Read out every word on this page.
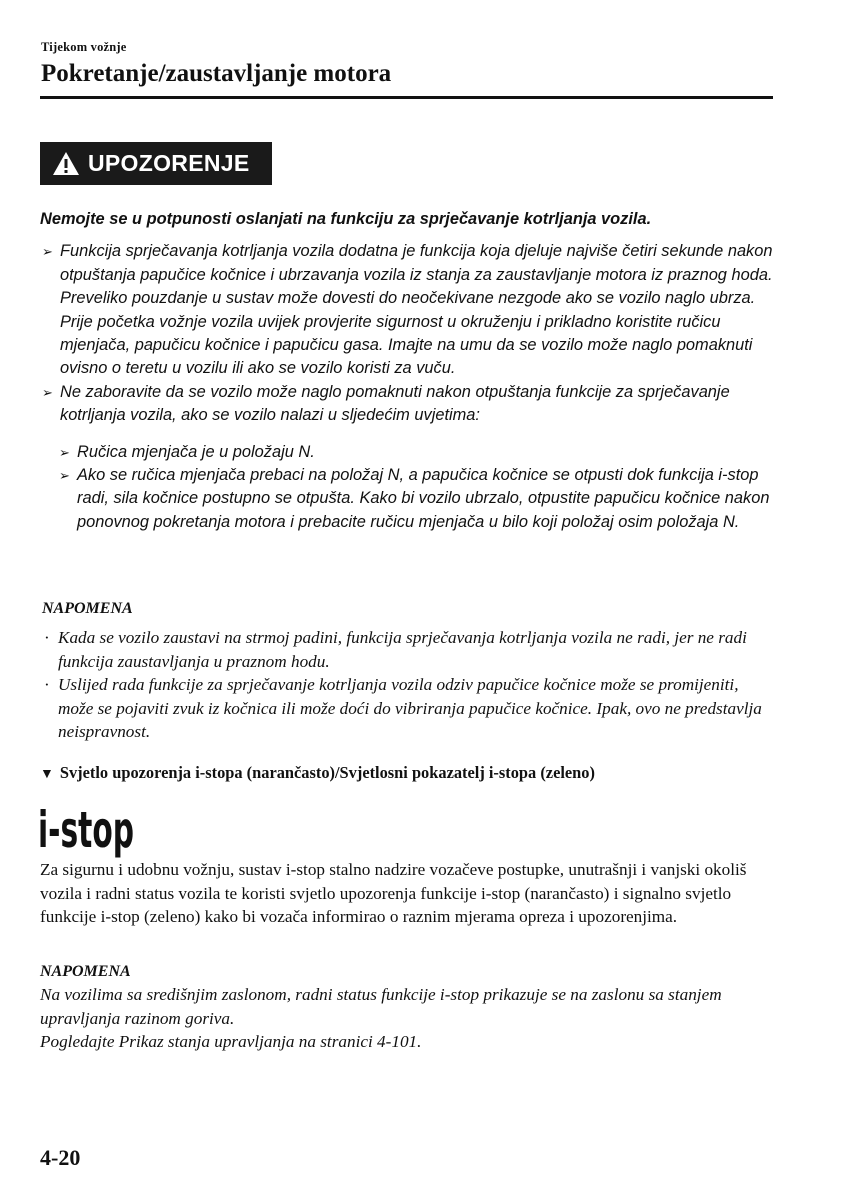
Tijekom vožnje
Pokretanje/zaustavljanje motora
UPOZORENJE
Nemojte se u potpunosti oslanjati na funkciju za sprječavanje kotrljanja vozila.
➢ Funkcija sprječavanja kotrljanja vozila dodatna je funkcija koja djeluje najviše četiri sekunde nakon otpuštanja papučice kočnice i ubrzavanja vozila iz stanja za zaustavljanje motora iz praznog hoda. Preveliko pouzdanje u sustav može dovesti do neočekivane nezgode ako se vozilo naglo ubrza. Prije početka vožnje vozila uvijek provjerite sigurnost u okruženju i prikladno koristite ručicu mjenjača, papučicu kočnice i papučicu gasa. Imajte na umu da se vozilo može naglo pomaknuti ovisno o teretu u vozilu ili ako se vozilo koristi za vuču.
➢ Ne zaboravite da se vozilo može naglo pomaknuti nakon otpuštanja funkcije za sprječavanje kotrljanja vozila, ako se vozilo nalazi u sljedećim uvjetima:
➢ Ručica mjenjača je u položaju N.
➢ Ako se ručica mjenjača prebaci na položaj N, a papučica kočnice se otpusti dok funkcija i-stop radi, sila kočnice postupno se otpušta. Kako bi vozilo ubrzalo, otpustite papučicu kočnice nakon ponovnog pokretanja motora i prebacite ručicu mjenjača u bilo koji položaj osim položaja N.
NAPOMENA
· Kada se vozilo zaustavi na strmoj padini, funkcija sprječavanja kotrljanja vozila ne radi, jer ne radi funkcija zaustavljanja u praznom hodu.
· Uslijed rada funkcije za sprječavanje kotrljanja vozila odziv papučice kočnice može se promijeniti, može se pojaviti zvuk iz kočnica ili može doći do vibriranja papučice kočnice. Ipak, ovo ne predstavlja neispravnost.
▼ Svjetlo upozorenja i-stopa (narančasto)/Svjetlosni pokazatelj i-stopa (zeleno)
i-stop
Za sigurnu i udobnu vožnju, sustav i-stop stalno nadzire vozačeve postupke, unutrašnji i vanjski okoliš vozila i radni status vozila te koristi svjetlo upozorenja funkcije i-stop (narančasto) i signalno svjetlo funkcije i-stop (zeleno) kako bi vozača informirao o raznim mjerama opreza i upozorenjima.
NAPOMENA
Na vozilima sa središnjim zaslonom, radni status funkcije i-stop prikazuje se na zaslonu sa stanjem upravljanja razinom goriva.
Pogledajte Prikaz stanja upravljanja na stranici 4-101.
4-20
